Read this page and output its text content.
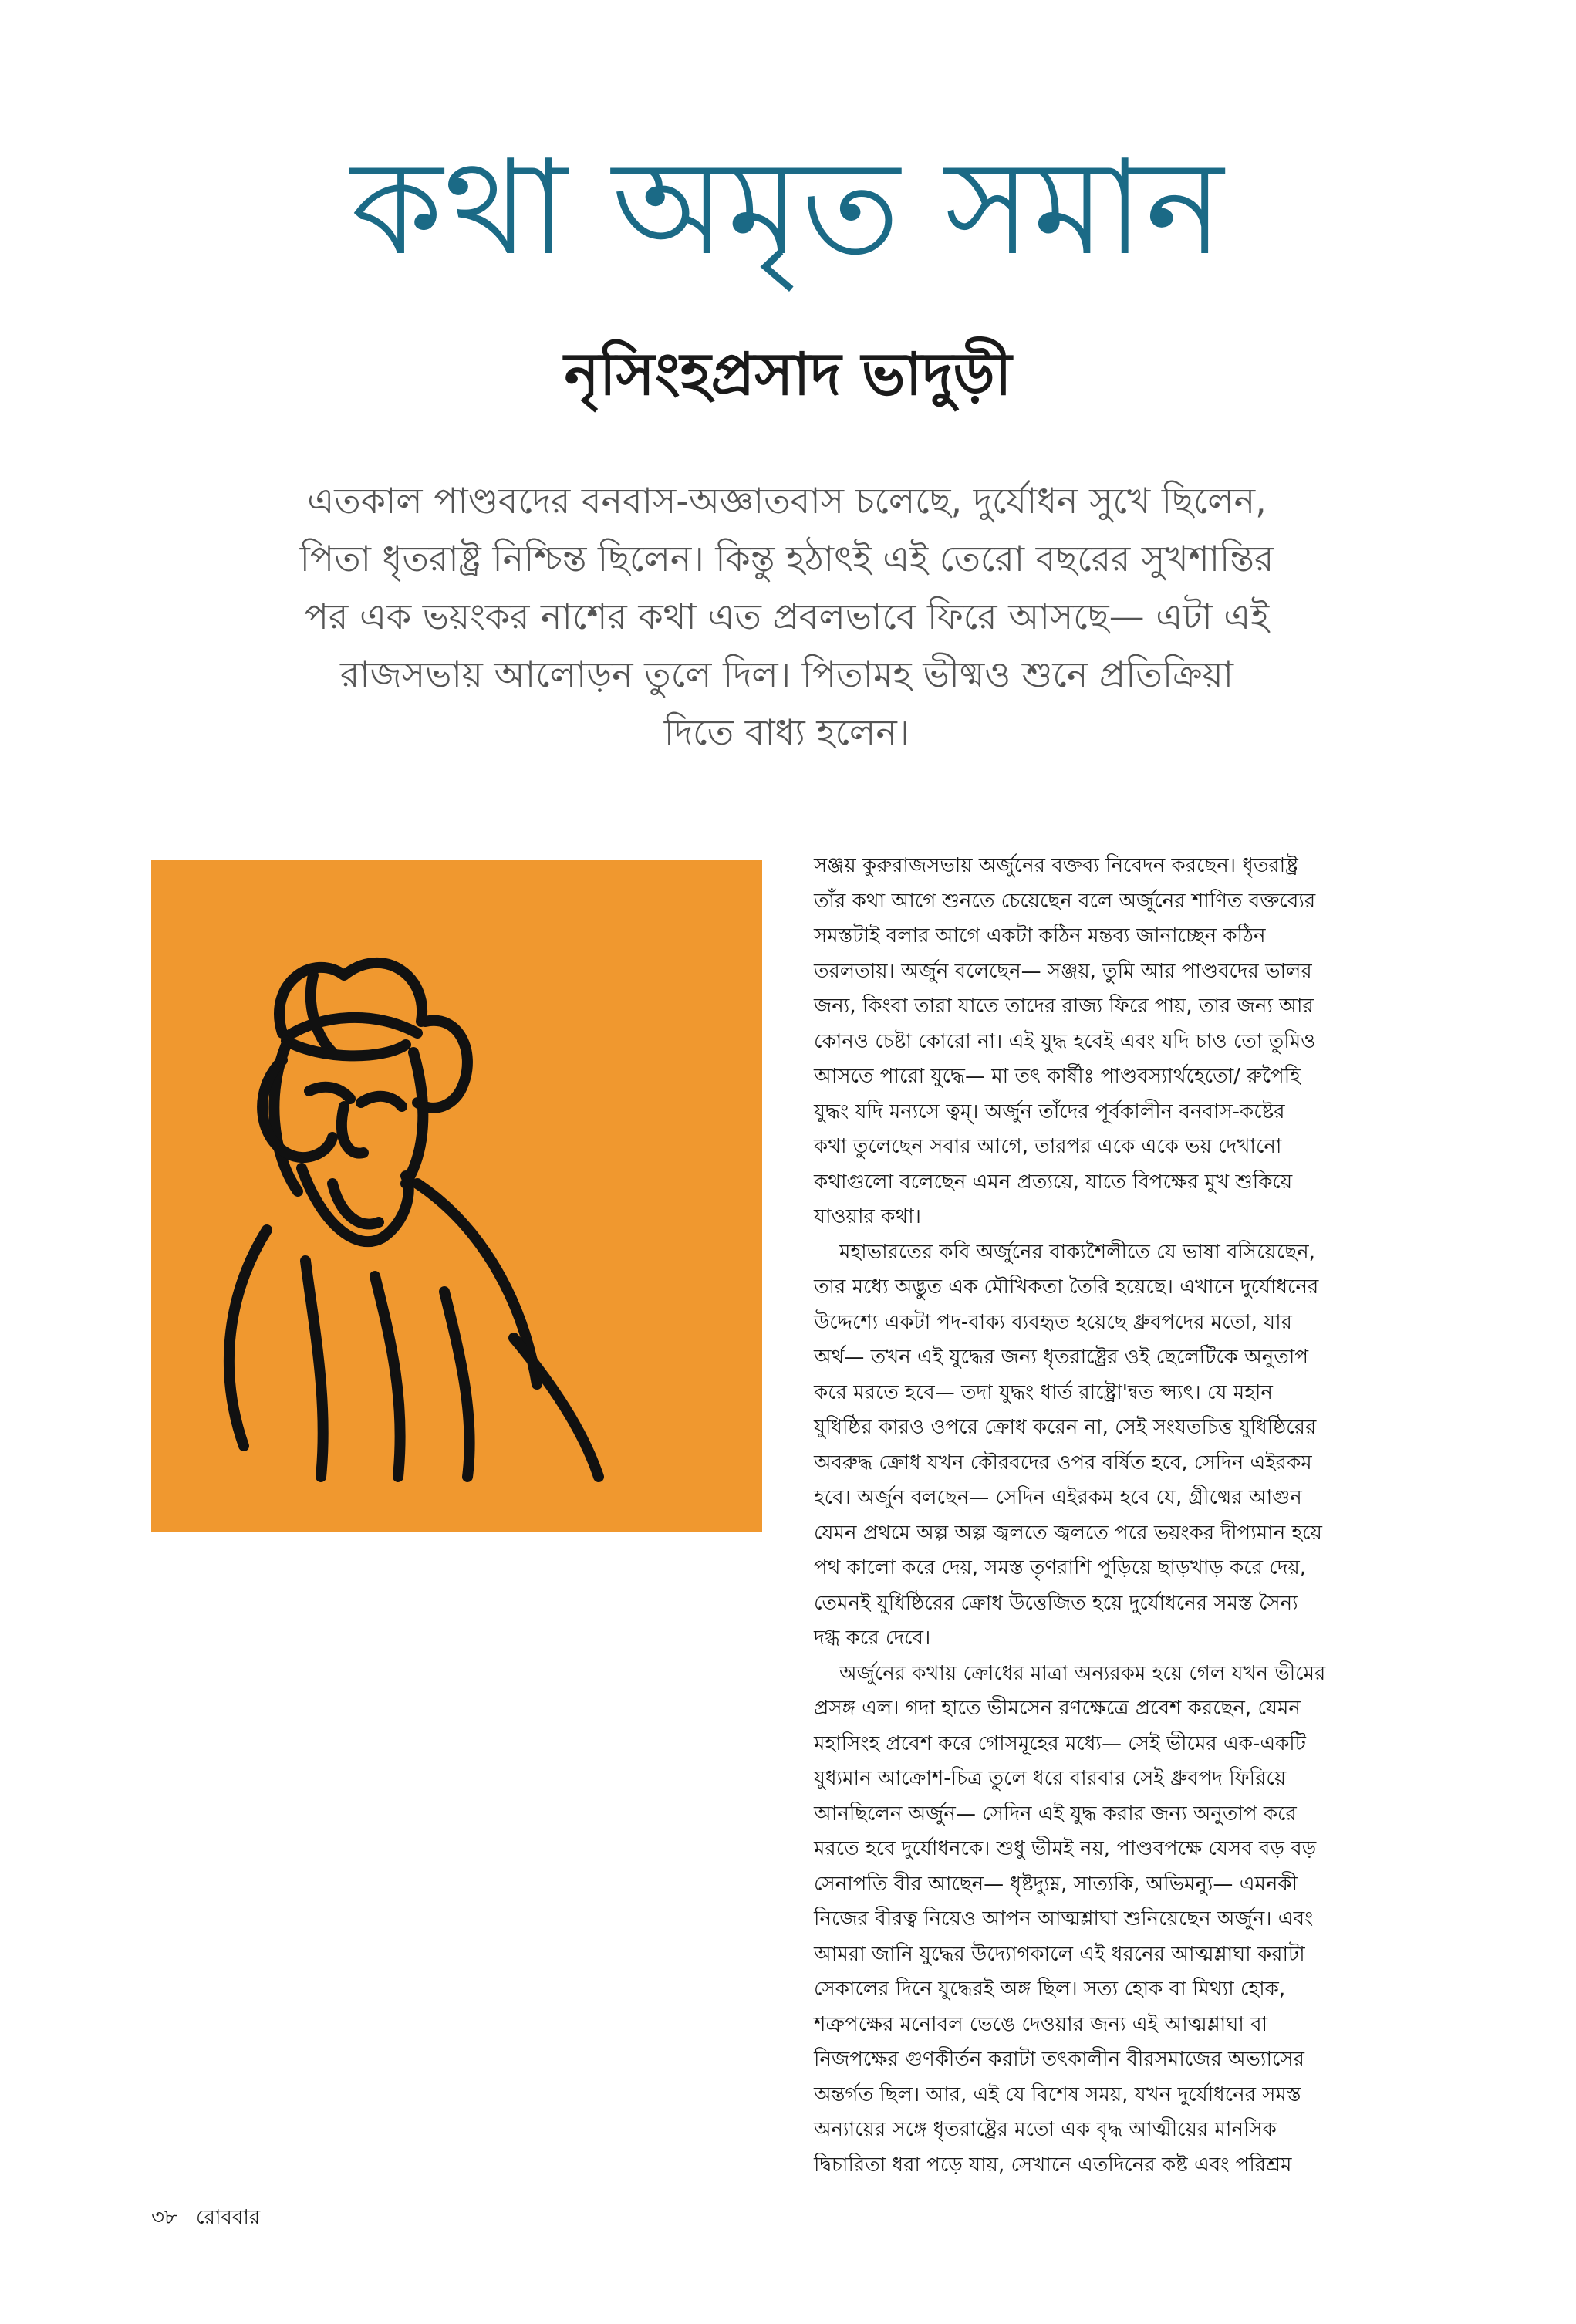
কথা অমৃত সমান
নৃসিংহপ্রসাদ ভাদুড়ী
এতকাল পাণ্ডবদের বনবাস-অজ্ঞাতবাস চলেছে, দুর্যোধন সুখে ছিলেন,
পিতা ধৃতরাষ্ট্র নিশ্চিন্ত ছিলেন। কিন্তু হঠাৎই এই তেরো বছরের সুখশান্তির
পর এক ভয়ংকর নাশের কথা এত প্রবলভাবে ফিরে আসছে— এটা এই
রাজসভায় আলোড়ন তুলে দিল। পিতামহ ভীষ্মও শুনে প্রতিক্রিয়া
দিতে বাধ্য হলেন।
সঞ্জয় কুরুরাজসভায় অর্জুনের বক্তব্য নিবেদন করছেন। ধৃতরাষ্ট্র
তাঁর কথা আগে শুনতে চেয়েছেন বলে অর্জুনের শাণিত বক্তব্যের
সমস্তটাই বলার আগে একটা কঠিন মন্তব্য জানাচ্ছেন কঠিন
তরলতায়। অর্জুন বলেছেন— সঞ্জয়, তুমি আর পাণ্ডবদের ভালর
জন্য, কিংবা তারা যাতে তাদের রাজ্য ফিরে পায়, তার জন্য আর
কোনও চেষ্টা কোরো না। এই যুদ্ধ হবেই এবং যদি চাও তো তুমিও
আসতে পারো যুদ্ধে— মা তৎ কার্ষীঃ পাণ্ডবস্যার্থহেতো/ রুপৈহি
যুদ্ধং যদি মন্যসে ত্বম্। অর্জুন তাঁদের পূর্বকালীন বনবাস-কষ্টের
কথা তুলেছেন সবার আগে, তারপর একে একে ভয় দেখানো
কথাগুলো বলেছেন এমন প্রত্যয়ে, যাতে বিপক্ষের মুখ শুকিয়ে
যাওয়ার কথা।
মহাভারতের কবি অর্জুনের বাক্যশৈলীতে যে ভাষা বসিয়েছেন,
তার মধ্যে অদ্ভুত এক মৌখিকতা তৈরি হয়েছে। এখানে দুর্যোধনের
উদ্দেশ্যে একটা পদ-বাক্য ব্যবহৃত হয়েছে ধ্রুবপদের মতো, যার
অর্থ— তখন এই যুদ্ধের জন্য ধৃতরাষ্ট্রের ওই ছেলেটিকে অনুতাপ
করে মরতে হবে— তদা যুদ্ধং ধার্ত রাষ্ট্রো'ন্বত প্স্যৎ। যে মহান
যুধিষ্ঠির কারও ওপরে ক্রোধ করেন না, সেই সংযতচিত্ত যুধিষ্ঠিরের
অবরুদ্ধ ক্রোধ যখন কৌরবদের ওপর বর্ষিত হবে, সেদিন এইরকম
হবে। অর্জুন বলছেন— সেদিন এইরকম হবে যে, গ্রীষ্মের আগুন
যেমন প্রথমে অল্প অল্প জ্বলতে জ্বলতে পরে ভয়ংকর দীপ্যমান হয়ে
পথ কালো করে দেয়, সমস্ত তৃণরাশি পুড়িয়ে ছাড়খাড় করে দেয়,
তেমনই যুধিষ্ঠিরের ক্রোধ উত্তেজিত হয়ে দুর্যোধনের সমস্ত সৈন্য
দগ্ধ করে দেবে।
অর্জুনের কথায় ক্রোধের মাত্রা অন্যরকম হয়ে গেল যখন ভীমের
প্রসঙ্গ এল। গদা হাতে ভীমসেন রণক্ষেত্রে প্রবেশ করছেন, যেমন
মহাসিংহ প্রবেশ করে গোসমূহের মধ্যে— সেই ভীমের এক-একটি
যুধ্যমান আক্রোশ-চিত্র তুলে ধরে বারবার সেই ধ্রুবপদ ফিরিয়ে
আনছিলেন অর্জুন— সেদিন এই যুদ্ধ করার জন্য অনুতাপ করে
মরতে হবে দুর্যোধনকে। শুধু ভীমই নয়, পাণ্ডবপক্ষে যেসব বড় বড়
সেনাপতি বীর আছেন— ধৃষ্টদ্যুম্ন, সাত্যকি, অভিমন্যু— এমনকী
নিজের বীরত্ব নিয়েও আপন আত্মশ্লাঘা শুনিয়েছেন অর্জুন। এবং
আমরা জানি যুদ্ধের উদ্যোগকালে এই ধরনের আত্মশ্লাঘা করাটা
সেকালের দিনে যুদ্ধেরই অঙ্গ ছিল। সত্য হোক বা মিথ্যা হোক,
শত্রুপক্ষের মনোবল ভেঙে দেওয়ার জন্য এই আত্মশ্লাঘা বা
নিজপক্ষের গুণকীর্তন করাটা তৎকালীন বীরসমাজের অভ্যাসের
অন্তর্গত ছিল। আর, এই যে বিশেষ সময়, যখন দুর্যোধনের সমস্ত
অন্যায়ের সঙ্গে ধৃতরাষ্ট্রের মতো এক বৃদ্ধ আত্মীয়ের মানসিক
দ্বিচারিতা ধরা পড়ে যায়, সেখানে এতদিনের কষ্ট এবং পরিশ্রম
৩৮ রোববার
